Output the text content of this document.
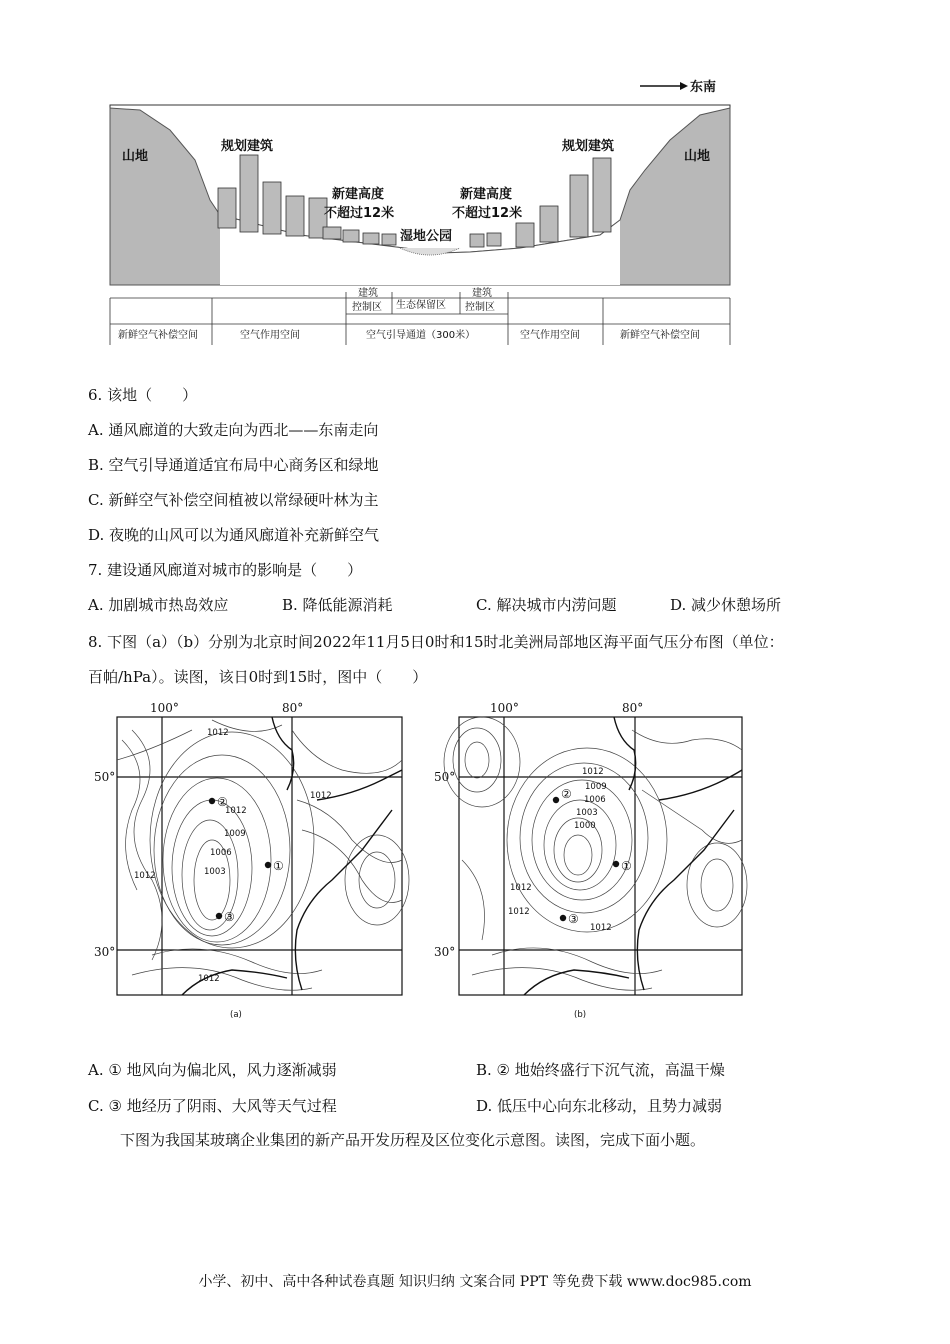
东南
山地	山地
规划建筑	规划建筑
新建高度
不超过12米
新建高度
不超过12米
湿地公园
建筑
控制区 生态保留区
建筑
控制区
新鲜空气补偿空间	空气作用空间	空气引导通道（300米）	空气作用空间	新鲜空气补偿空间
6. 该地（　　）
A. 通风廊道的大致走向为西北——东南走向
B. 空气引导通道适宜布局中心商务区和绿地
C. 新鲜空气补偿空间植被以常绿硬叶林为主
D. 夜晚的山风可以为通风廊道补充新鲜空气
7. 建设通风廊道对城市的影响是（　　）
A. 加剧城市热岛效应	B. 降低能源消耗	C. 解决城市内涝问题	D. 减少休憩场所
8. 下图（a）（b）分别为北京时间2022年11月5日0时和15时北美洲局部地区海平面气压分布图（单位：
百帕/hPa）。读图，该日0时到15时，图中（　　）
100°	80°
50°
30°
1012
1012
1012
1009
1006
1003
1012
1012
②
①
③
(a)
100°	80°
50°
30°
1012
1009
1006
1003
1000
1012
1012
1012
②
①
③
(b)
A. ① 地风向为偏北风，风力逐渐减弱	B. ② 地始终盛行下沉气流，高温干燥
C. ③ 地经历了阴雨、大风等天气过程	D. 低压中心向东北移动，且势力减弱
下图为我国某玻璃企业集团的新产品开发历程及区位变化示意图。读图，完成下面小题。
小学、初中、高中各种试卷真题 知识归纳 文案合同 PPT 等免费下载 www.doc985.com
